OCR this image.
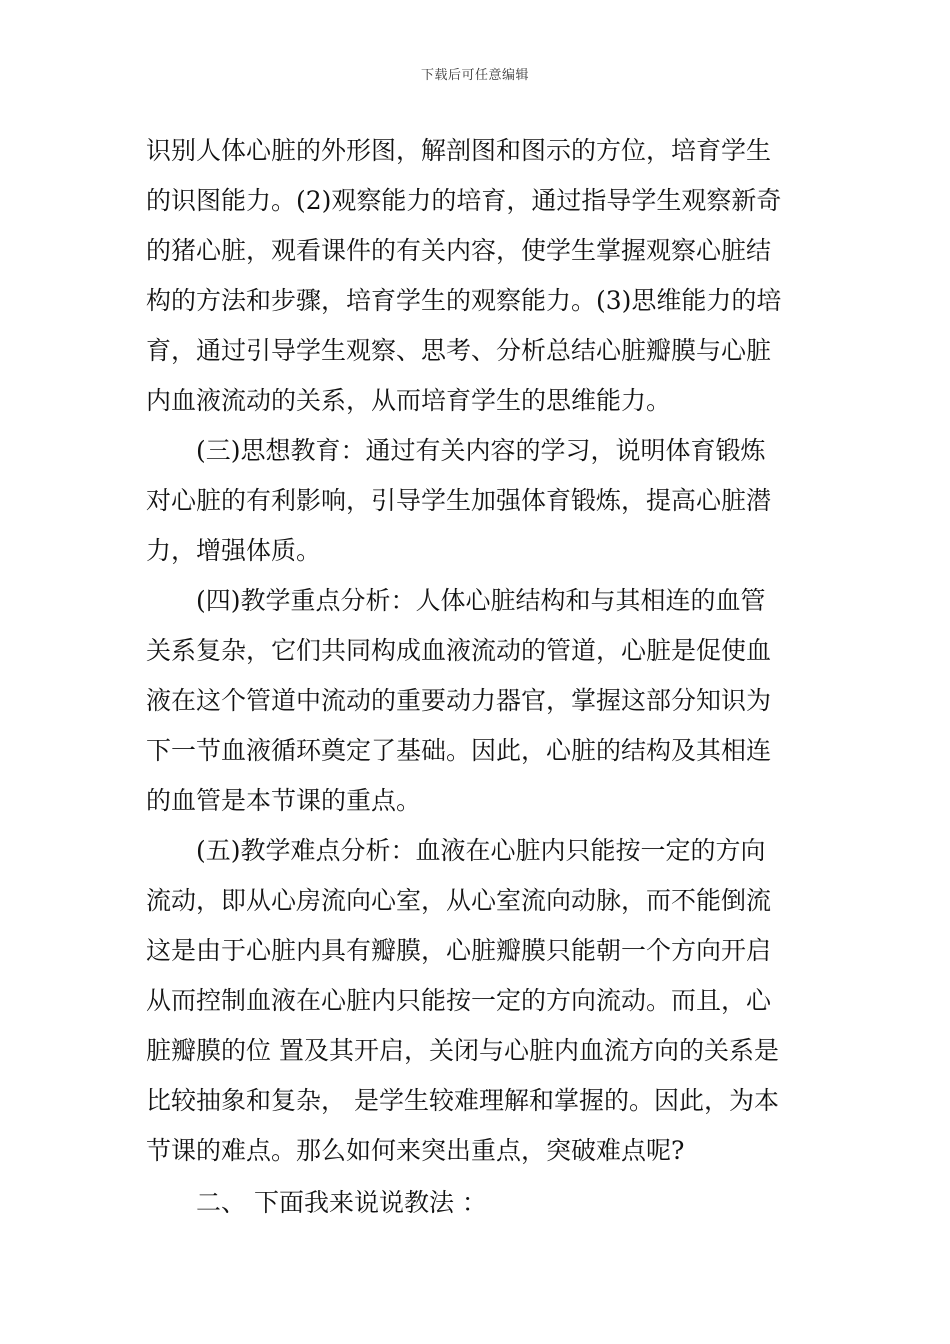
下载后可任意编辑
识别人体心脏的外形图，解剖图和图示的方位，培育学生
的识图能力。(2)观察能力的培育，通过指导学生观察新奇
的猪心脏，观看课件的有关内容，使学生掌握观察心脏结
构的方法和步骤，培育学生的观察能力。(3)思维能力的培
育，通过引导学生观察、思考、分析总结心脏瓣膜与心脏
内血液流动的关系，从而培育学生的思维能力。
(三)思想教育：通过有关内容的学习，说明体育锻炼
对心脏的有利影响，引导学生加强体育锻炼，提高心脏潜
力，增强体质。
(四)教学重点分析：人体心脏结构和与其相连的血管
关系复杂，它们共同构成血液流动的管道，心脏是促使血
液在这个管道中流动的重要动力器官，掌握这部分知识为
下一节血液循环奠定了基础。因此，心脏的结构及其相连
的血管是本节课的重点。
(五)教学难点分析：血液在心脏内只能按一定的方向
流动，即从心房流向心室，从心室流向动脉，而不能倒流
这是由于心脏内具有瓣膜，心脏瓣膜只能朝一个方向开启
从而控制血液在心脏内只能按一定的方向流动。而且，心
脏瓣膜的位 置及其开启，关闭与心脏内血流方向的关系是
比较抽象和复杂， 是学生较难理解和掌握的。因此，为本
节课的难点。那么如何来突出重点，突破难点呢?
二、 下面我来说说教法 ：
